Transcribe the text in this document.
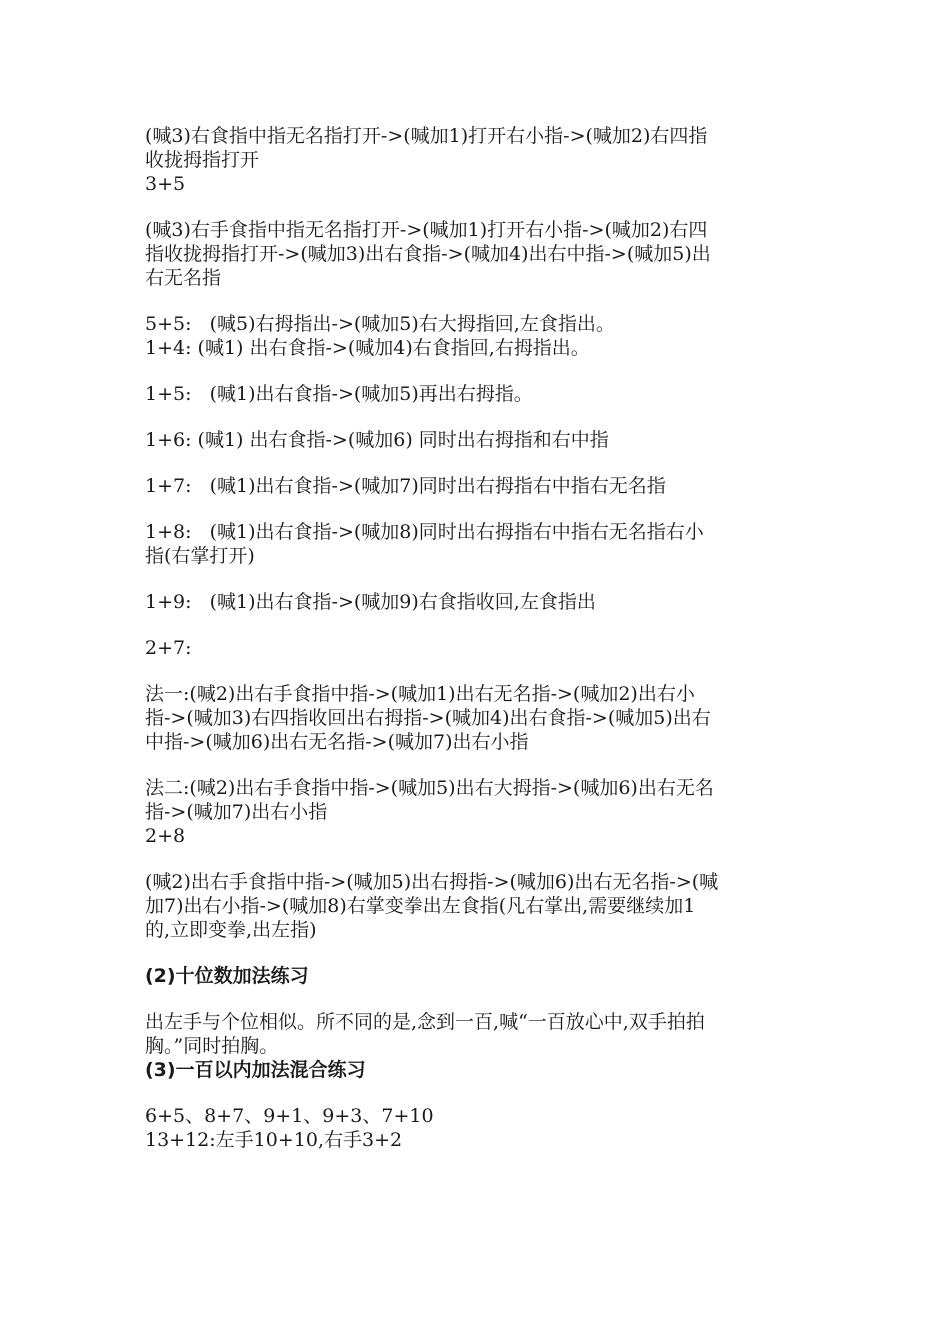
(喊3)右食指中指无名指打开->(喊加1)打开右小指->(喊加2)右四指
收拢拇指打开
3+5
(喊3)右手食指中指无名指打开->(喊加1)打开右小指->(喊加2)右四
指收拢拇指打开->(喊加3)出右食指->(喊加4)出右中指->(喊加5)出
右无名指
5+5:   (喊5)右拇指出->(喊加5)右大拇指回,左食指出。
1+4: (喊1) 出右食指->(喊加4)右食指回,右拇指出。
1+5:   (喊1)出右食指->(喊加5)再出右拇指。
1+6: (喊1) 出右食指->(喊加6) 同时出右拇指和右中指
1+7:   (喊1)出右食指->(喊加7)同时出右拇指右中指右无名指
1+8:   (喊1)出右食指->(喊加8)同时出右拇指右中指右无名指右小
指(右掌打开)
1+9:   (喊1)出右食指->(喊加9)右食指收回,左食指出
2+7:
法一:(喊2)出右手食指中指->(喊加1)出右无名指->(喊加2)出右小
指->(喊加3)右四指收回出右拇指->(喊加4)出右食指->(喊加5)出右
中指->(喊加6)出右无名指->(喊加7)出右小指
法二:(喊2)出右手食指中指->(喊加5)出右大拇指->(喊加6)出右无名
指->(喊加7)出右小指
2+8
(喊2)出右手食指中指->(喊加5)出右拇指->(喊加6)出右无名指->(喊
加7)出右小指->(喊加8)右掌变拳出左食指(凡右掌出,需要继续加1
的,立即变拳,出左指)
(2)十位数加法练习
出左手与个位相似。所不同的是,念到一百,喊“一百放心中,双手拍拍
胸。”同时拍胸。
(3)一百以内加法混合练习
6+5、8+7、9+1、9+3、7+10
13+12:左手10+10,右手3+2
